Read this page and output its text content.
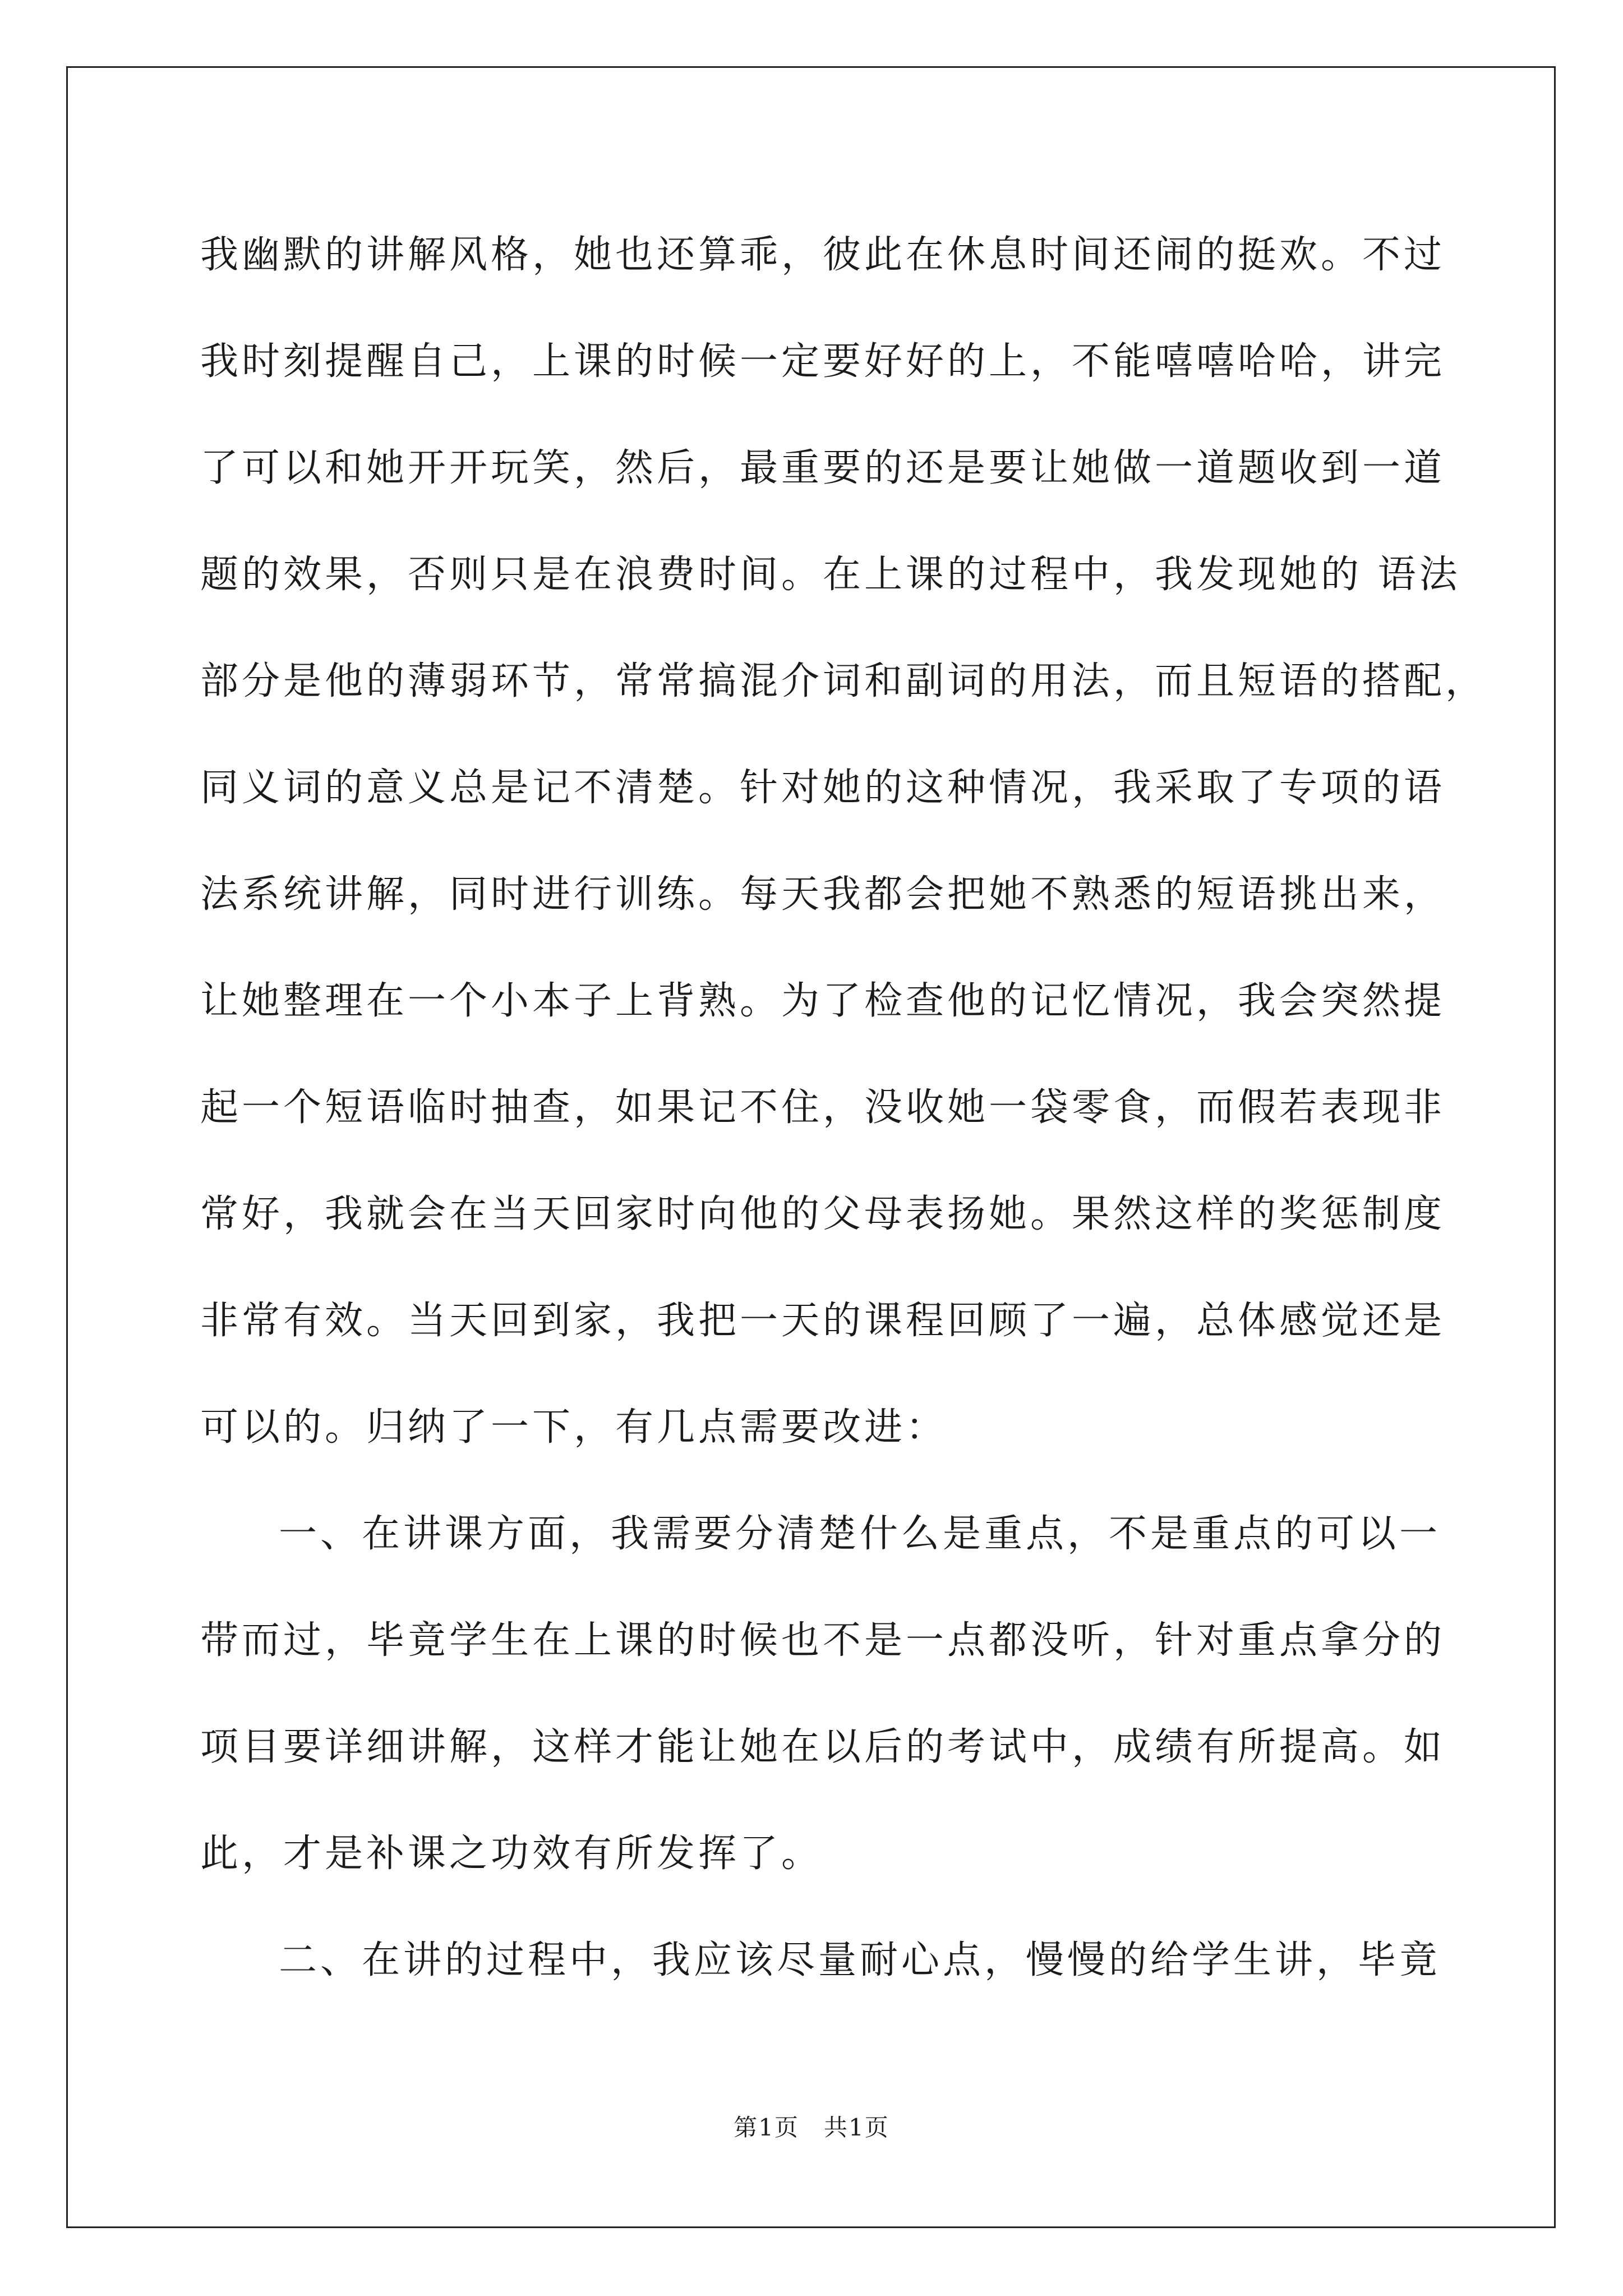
我幽默的讲解风格，她也还算乖，彼此在休息时间还闹的挺欢。不过
我时刻提醒自己，上课的时候一定要好好的上，不能嘻嘻哈哈，讲完
了可以和她开开玩笑，然后，最重要的还是要让她做一道题收到一道
题的效果，否则只是在浪费时间。在上课的过程中，我发现她的 语法
部分是他的薄弱环节，常常搞混介词和副词的用法，而且短语的搭配，
同义词的意义总是记不清楚。针对她的这种情况，我采取了专项的语
法系统讲解，同时进行训练。每天我都会把她不熟悉的短语挑出来，
让她整理在一个小本子上背熟。为了检查他的记忆情况，我会突然提
起一个短语临时抽查，如果记不住，没收她一袋零食，而假若表现非
常好，我就会在当天回家时向他的父母表扬她。果然这样的奖惩制度
非常有效。当天回到家，我把一天的课程回顾了一遍，总体感觉还是
可以的。归纳了一下，有几点需要改进：
一、在讲课方面，我需要分清楚什么是重点，不是重点的可以一
带而过，毕竟学生在上课的时候也不是一点都没听，针对重点拿分的
项目要详细讲解，这样才能让她在以后的考试中，成绩有所提高。如
此，才是补课之功效有所发挥了。
二、在讲的过程中，我应该尽量耐心点，慢慢的给学生讲，毕竟
第1页　共1页
